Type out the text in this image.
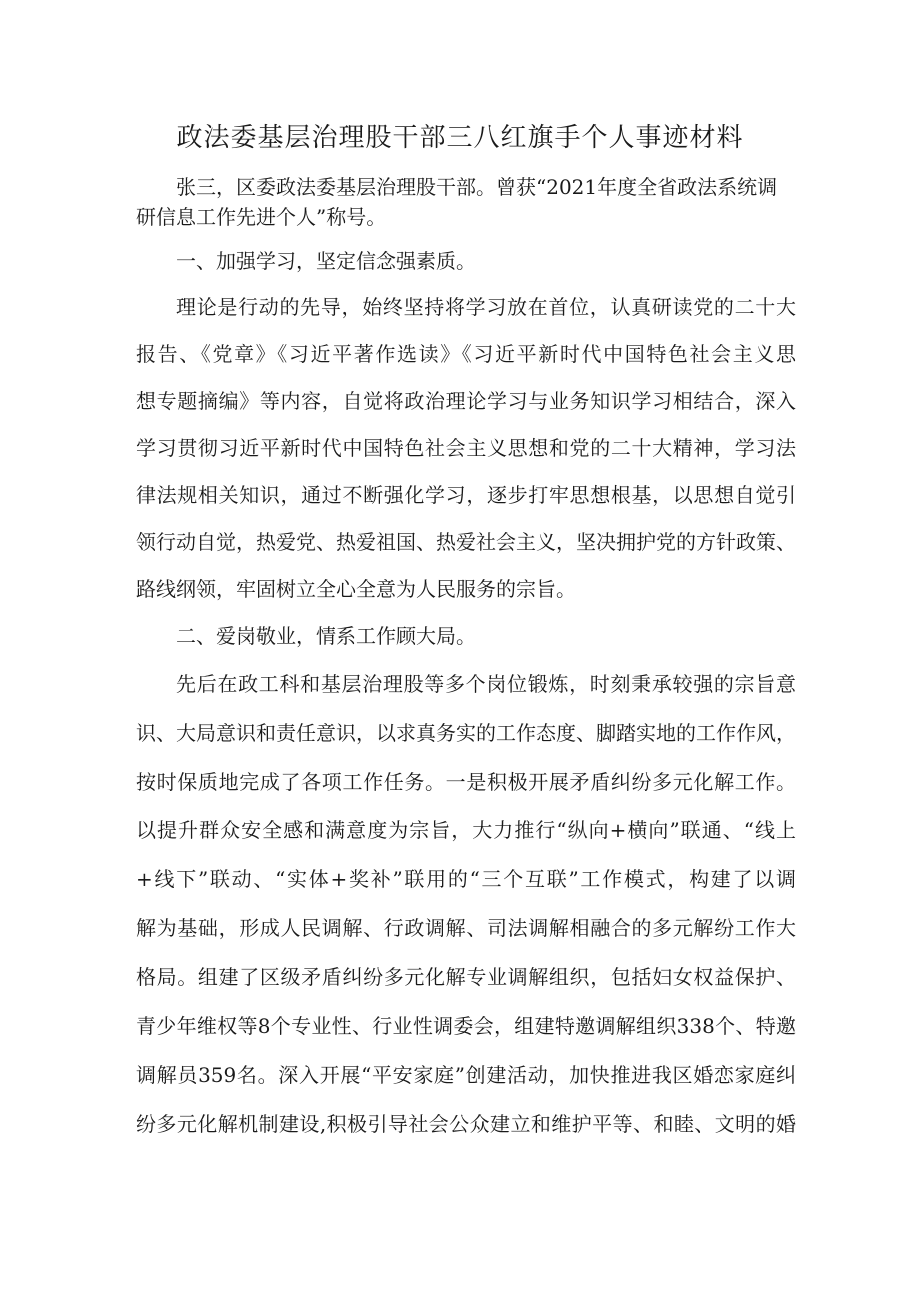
政法委基层治理股干部三八红旗手个人事迹材料
张三，区委政法委基层治理股干部。曾获“2021年度全省政法系统调研信息工作先进个人”称号。
一、加强学习，坚定信念强素质。
理论是行动的先导，始终坚持将学习放在首位，认真研读党的二十大
报告、《党章》《习近平著作选读》《习近平新时代中国特色社会主义思
想专题摘编》等内容，自觉将政治理论学习与业务知识学习相结合，深入
学习贯彻习近平新时代中国特色社会主义思想和党的二十大精神，学习法
律法规相关知识，通过不断强化学习，逐步打牢思想根基，以思想自觉引
领行动自觉，热爱党、热爱祖国、热爱社会主义，坚决拥护党的方针政策、
路线纲领，牢固树立全心全意为人民服务的宗旨。
二、爱岗敬业，情系工作顾大局。
先后在政工科和基层治理股等多个岗位锻炼，时刻秉承较强的宗旨意
识、大局意识和责任意识，以求真务实的工作态度、脚踏实地的工作作风，
按时保质地完成了各项工作任务。一是积极开展矛盾纠纷多元化解工作。
以提升群众安全感和满意度为宗旨，大力推行“纵向+横向”联通、“线上
+线下”联动、“实体+奖补”联用的“三个互联”工作模式，构建了以调
解为基础，形成人民调解、行政调解、司法调解相融合的多元解纷工作大
格局。组建了区级矛盾纠纷多元化解专业调解组织，包括妇女权益保护、
青少年维权等8个专业性、行业性调委会，组建特邀调解组织338个、特邀
调解员359名。深入开展“平安家庭”创建活动，加快推进我区婚恋家庭纠
纷多元化解机制建设,积极引导社会公众建立和维护平等、和睦、文明的婚
